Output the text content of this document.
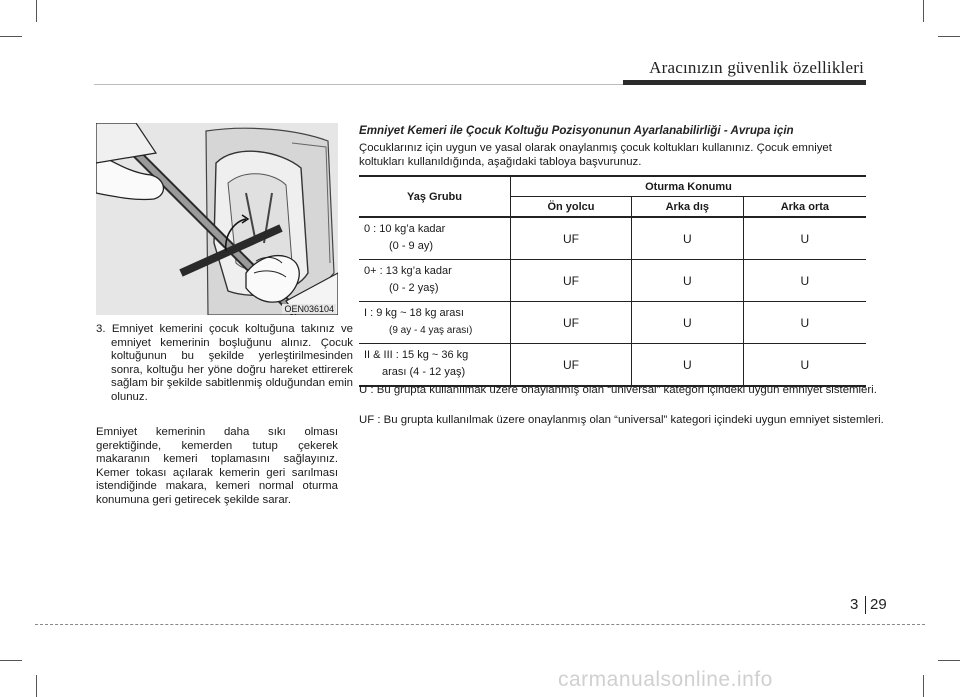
Aracınızın güvenlik özellikleri
OEN036104
3. Emniyet kemerini çocuk koltuğuna takınız ve emniyet kemerinin boşluğunu alınız. Çocuk koltuğunun bu şekilde yerleştirilmesinden sonra, koltuğu her yöne doğru hareket ettirerek sağlam bir şekilde sabitlenmiş olduğundan emin olunuz.
Emniyet kemerinin daha sıkı olması gerektiğinde, kemerden tutup çekerek makaranın kemeri toplamasını sağlayınız. Kemer tokası açılarak kemerin geri sarılması istendiğinde makara, kemeri normal oturma konumuna geri getirecek şekilde sarar.
Emniyet Kemeri ile Çocuk Koltuğu Pozisyonunun Ayarlanabilirliği - Avrupa için
Çocuklarınız için uygun ve yasal olarak onaylanmış çocuk koltukları kullanınız. Çocuk emniyet koltukları kullanıldığında, aşağıdaki tabloya başvurunuz.
Yaş Grubu	Oturma Konumu		
	Ön yolcu	Arka dış	Arka orta

0 : 10 kg’a kadar
(0 - 9 ay)	UF	U	U

0+ : 13 kg’a kadar
(0 - 2 yaş)	UF	U	U

I : 9 kg ~ 18 kg arası
(9 ay - 4 yaş arası)	UF	U	U

II & III : 15 kg ~ 36 kg
arası (4 - 12 yaş)	UF	U	U
U : Bu grupta kullanılmak üzere onaylanmış olan “universal” kategori içindeki uygun emniyet sistemleri.
UF : Bu grupta kullanılmak üzere onaylanmış olan “universal” kategori içindeki uygun emniyet sistemleri.
3 29
carmanualsonline.info
